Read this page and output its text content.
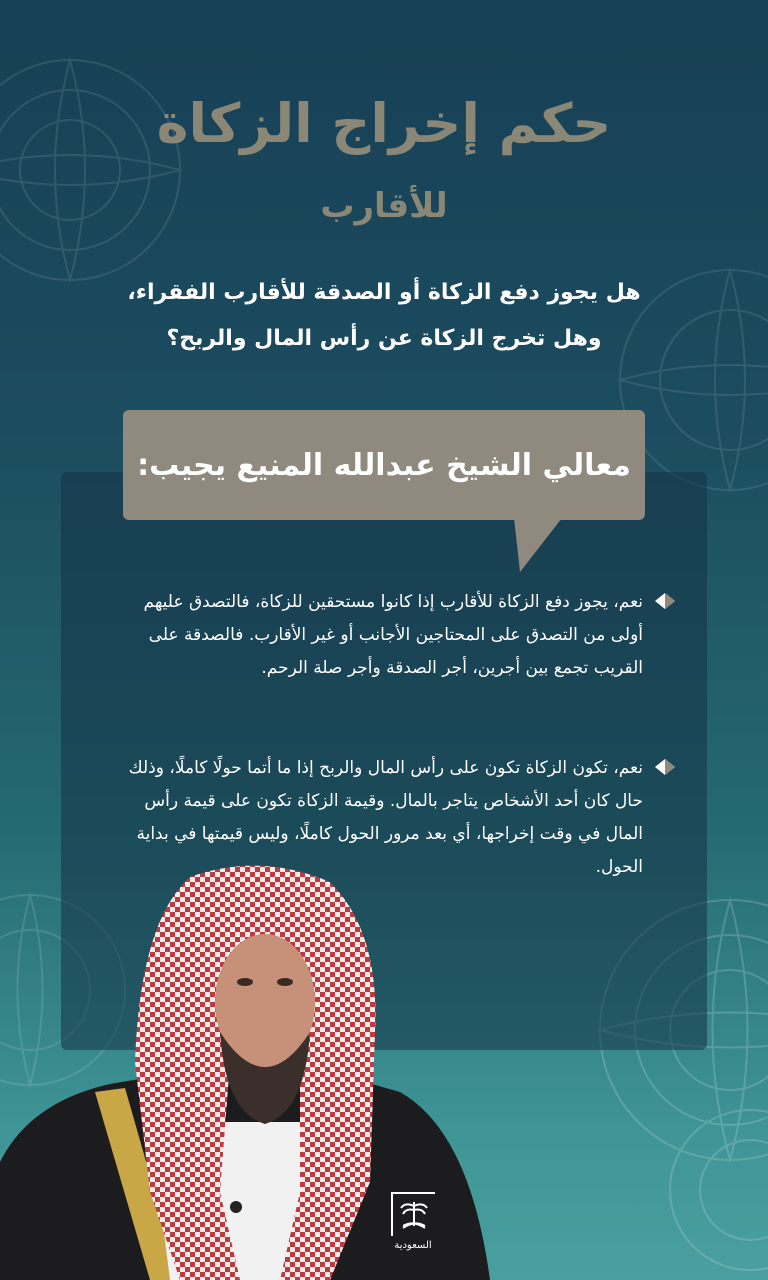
حكم إخراج الزكاة
للأقارب
هل يجوز دفع الزكاة أو الصدقة للأقارب الفقراء،
وهل تخرج الزكاة عن رأس المال والربح؟
معالي الشيخ عبدالله المنيع يجيب:

نعم، يجوز دفع الزكاة للأقارب إذا كانوا مستحقين للزكاة، فالتصدق عليهم أولى من التصدق على المحتاجين الأجانب أو غير الأقارب. فالصدقة على القريب تجمع بين أجرين، أجر الصدقة وأجر صلة الرحم.

نعم، تكون الزكاة تكون على رأس المال والربح إذا ما أتما حولًا كاملًا، وذلك حال كان أحد الأشخاص يتاجر بالمال. وقيمة الزكاة تكون على قيمة رأس المال في وقت إخراجها، أي بعد مرور الحول كاملًا، وليس قيمتها في بداية الحول.

السعودية
